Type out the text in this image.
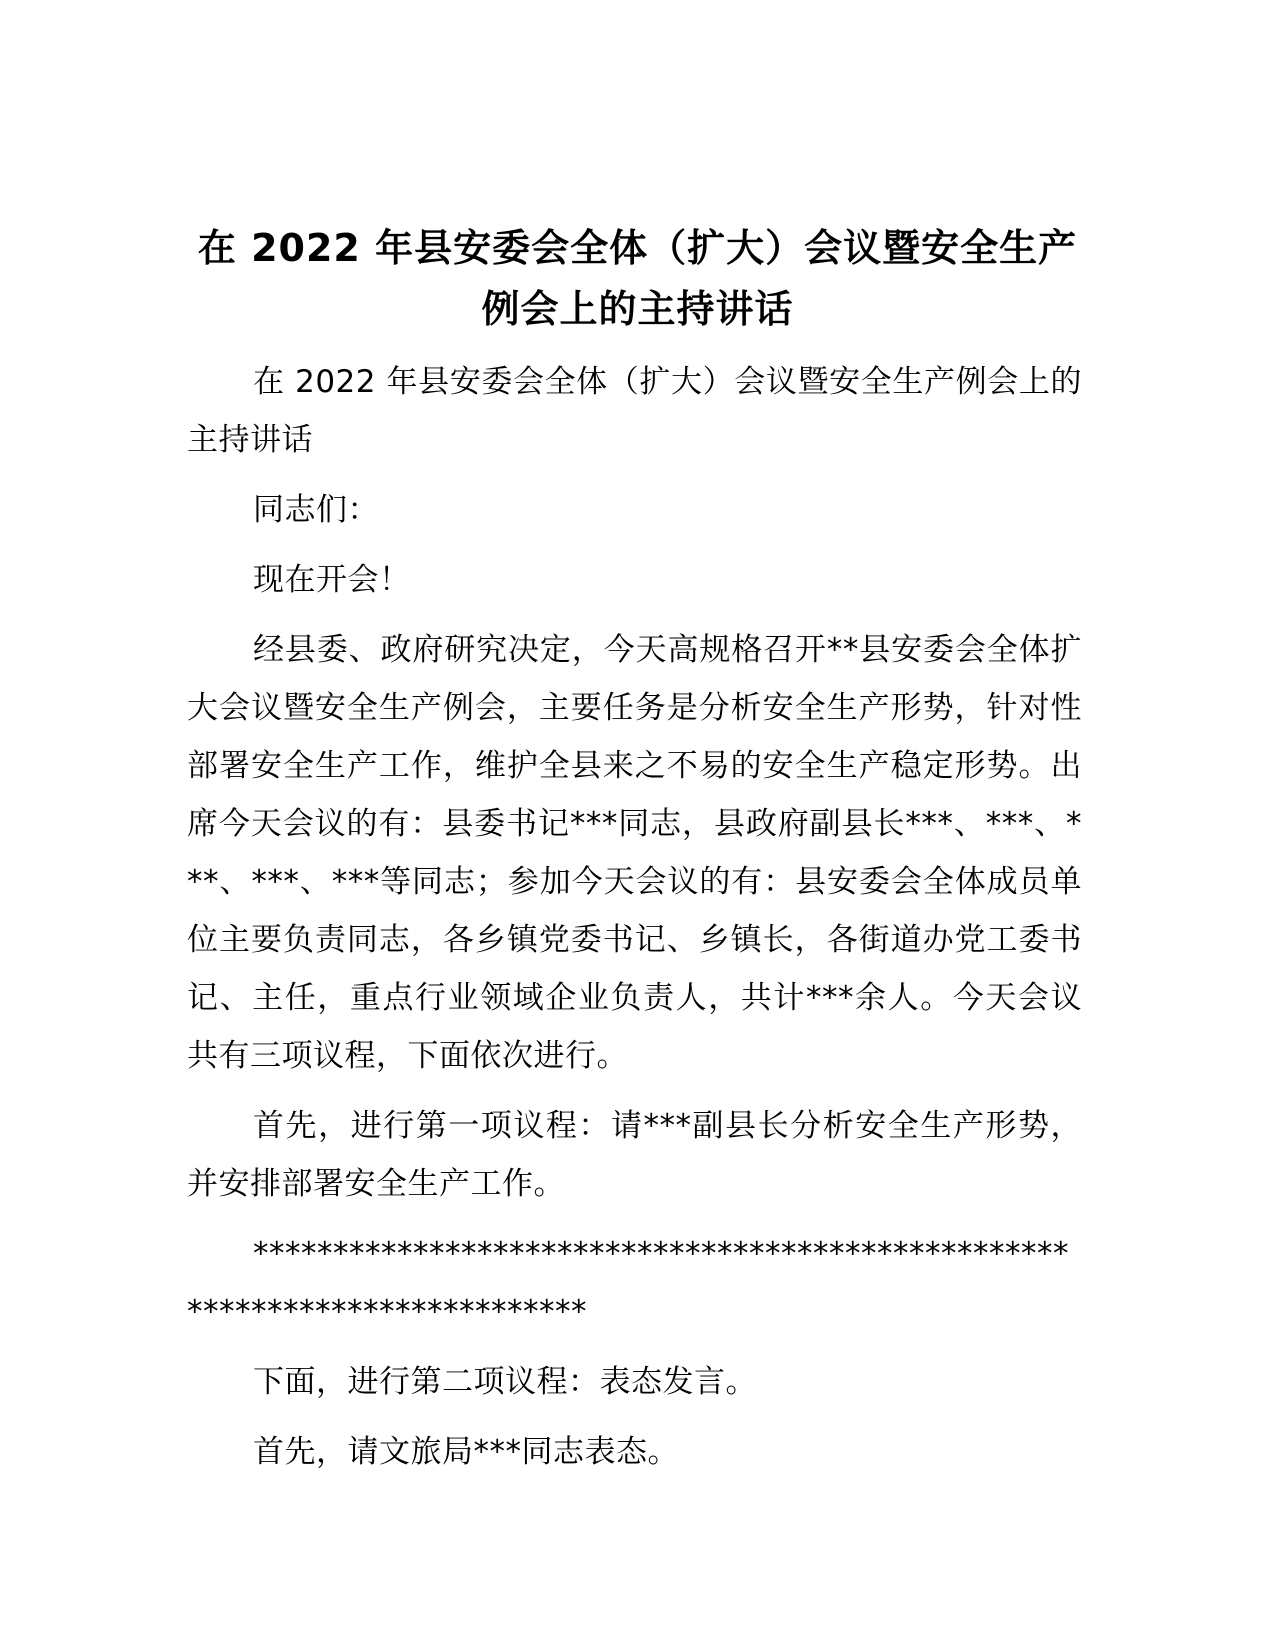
在 2022 年县安委会全体（扩大）会议暨安全生产例会上的主持讲话

在 2022 年县安委会全体（扩大）会议暨安全生产例会上的主持讲话

同志们：

现在开会！

经县委、政府研究决定，今天高规格召开**县安委会全体扩大会议暨安全生产例会，主要任务是分析安全生产形势，针对性部署安全生产工作，维护全县来之不易的安全生产稳定形势。出席今天会议的有：县委书记***同志，县政府副县长***、***、***、***、***等同志；参加今天会议的有：县安委会全体成员单位主要负责同志，各乡镇党委书记、乡镇长，各街道办党工委书记、主任，重点行业领域企业负责人，共计***余人。今天会议共有三项议程，下面依次进行。

首先，进行第一项议程：请***副县长分析安全生产形势，并安排部署安全生产工作。

****************************************************************************

下面，进行第二项议程：表态发言。

首先，请文旅局***同志表态。
